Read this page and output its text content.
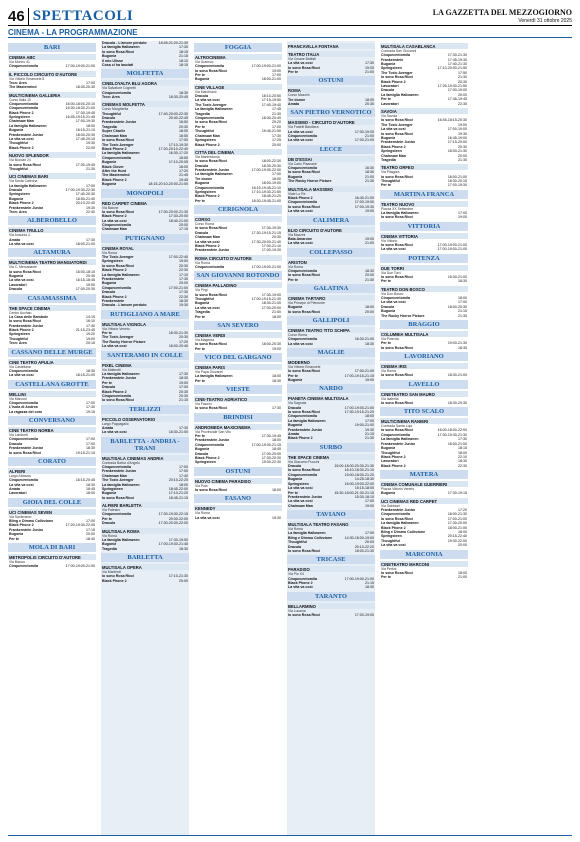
46 SPETTACOLI	LA GAZZETTA DEL MEZZOGIORNO
Venerdì 31 ottobre 2025
CINEMA - LA PROGRAMMAZIONE
BARI
CINEMA ABC
Via Monno 41
Cinquecentomila	17:00-19:00-21:00
IL PICCOLO CIRCUITO D'AUTORE
Via Vittorio Emanuele 8
Tron: Ares	17:00
The Mastermind	18:30-20:30
MULTICINEMA GALLERIA
Corso Italia 15
Cinquecentomila	16:00-18:00-20:10
Cinquecentomila	16:30-18:30-21:00
Black Phone 2	17:30-19:45
Springsteen	16:45-19:15-21:45
Chainsaw Man	17:00-19:30
La famiglia Halloween	18:00
Bugonia	16:15-21:10
Frankenstein Junior	18:00-20:30
La vita va così	17:45-20:15
Thoughtful	19:30
Black Phone 2	22:00
NUOVO SPLENDOR
Via Buccari 24
Io sono Rosa Ricci	17:30-19:45
Thoughtful	21:30
UCI CINEMAS BARI
Via Santa Caterina
La famiglia Halloween	17:00
Dracula	17:00-19:30-22:30
Springsteen	17:40-20:30
Bugonia	18:50-21:40
Black Phone 2	20:10-22:40
Frankenstein Junior	19:30
Tron: Ares	22:40
ALBEROBELLO
CINEMA TRULLO
Via Anaunia 4
Amata	17:30
La vita va così	18:00-21:00
ALTAMURA
MULTICINEMA TEATRO MANGIATORDI
Via C. Mercadante
Io sono Rosa Ricci	16:00-18:15
Bugonia	20:30
La vita va così	16:15-18:45
Lavoratori	19:00
Dracula	17:00-20:30
CASAMASSIMA
THE SPACE CINEMA
Centro Auchan
La Casa delle Bambole	14:15
Io sono Rosa Ricci	16:10
Frankenstein Junior	17:40
Black Phone 2	21:15-23:45
Springsteen	19:20
Thoughtful	19:00
Tron: Ares	20:15
CASSANO DELLE MURGE
CINE TEATRO APULIA
Via Castellana
Cinquecentomila	18:30
La vita va così	18:15-21:00
CASTELLANA GROTTE
MELLINI
Via Marconi
Cinquecentomila	17:00
L'isola di Andrea	17:30
La ragazza del coro	19:15
CONVERSANO
CINE TEATRO NORBA
Via Lamberti
Cinquecentomila	17:00
Dracula	17:00
Frankenstein Junior	18:30
Io sono Rosa Ricci	19:15-21:15
CORATO
ALFIERI
Largo Abbazia
Cinquecentomila	16:15-20:45
La vita va così	18:30
Amata	18:45
Lavoratori	18:00
GIOIA DEL COLLE
UCI CINEMAS SEVEN
Via Santeramo
Bling e Dimmu Collezione	17:00
Black Phone 2	17:20-19:30-22:05
Frankenstein Junior	17:15
Bugonia	20:00
Per te	18:40
MOLA DI BARI
METROPOLIS CIRCUITO D'AUTORE
Via Bianco
Cinquecentomila	17:00-19:00-21:00
Dracula - L'amore perduto	18:45-21:20-21:30
La famiglia Halloween	17:30
Io sono Rosa Ricci	18:15
Bugonia	21:15
Il mio Ulisse	18:10
Cosa ci ha lasciati	18:15
MOLFETTA
CINELOYALTA BLU AGORA
Via Salvatore Cognetti
Cinquecentomila	18:30
Tron: Ares	18:30-20:45
CINEMAS MOLFETTA
Corso Margherita
Thoughtful	17:40-20:00-22:30
Dracula	20:40-22:45
Frankenstein Junior	16:50
Tragedia	20:30
Super Charlie	18:00
Chainsaw Man	16:50
Io sono Rosa Ricci	17:00
The Toxic Avenger	17:10-19:30
Black Phone 2	17:20-20:10-22:40
La famiglia Halloween	16:30-17:20
Cinquecentomila	16:50
Bugonia	17:10-20:05
Black Clover	16:00
After the Hunt	17:20
The Mastermind	21:45
Black Phone 2	19:45
Bugonia	18:15-20:10-20:00-21:00
MONOPOLI
RED CARPET CINEMA
Via Baione
Io sono Rosa Ricci	17:30-20:00-21:30
Black Phone 2	17:30-20:00
La vita va così	18:40-21:00
Cinquecentomila	20:00
Chainsaw Man	17:15
PUTIGNANO
CINEMA ROYAL
Via Roma
The Toxic Avenger	17:00-22:40
Springsteen	19:00
Io sono Rosa Ricci	20:30
Black Phone 2	22:30
La famiglia Halloween	17:10
Frankenstein	17:30
Bugonia	20:00
Cinquecentomila	17:00-21:00
Dracula	17:30
Black Phone 2	22:30
Frankenstein	18:30
Dracula - L'amore perduto	19:30
RUTIGLIANO A MARE
MULTISALA VIGNOLA
Via Vittorio Veneto
Per te	18:30-21:30
The Toxic Avenger	20:30
The Rocky Horror Picture	17:20
La vita va così	18:00-20:40
SANTERAMO IN COLLE
PIXEL CINEMA
Via Matteotti
La famiglia Halloween	17:30
Frankenstein Junior	18:30
Per te	19:00
Dracula	17:00
Black Phone 2	20:30
Cinquecentomila	20:30
Io sono Rosa Ricci	21:15
TERLIZZI
PICCOLO OSSERVATORIO
Largo Pappagallo
Amata	17:30
La vita va così	18:30-21:00
BARLETTA - ANDRIA - TRANI
MULTISALA CINEMAS ANDRIA
Contrada Barba d'Angelo
Cinquecentomila	17:00
Frankenstein Junior	17:00
Chainsaw Man	17:40
The Toxic Avenger	20:10-22:25
La famiglia Halloween	18:00
Springsteen	18:45-22:00
Bugonia	17:10-21:20
Io sono Rosa Ricci	18:45-21:15
ALFIERI BARLETTA
Via Palestro
Cinquecentomila	17:30-19:30-22:15
Per te	20:00-22:00
Dracula	17:30-20:30-22:00
MULTISALA ROMA
Via Roma
La famiglia Halloween	17:30-19:00
Bugonia	17:00-19:30-21:45
Tragedia	18:30
BARLETTA
MULTISALA OPERA
Via Manfredi
Io sono Rosa Ricci	17:10-21:30
Black Phone 2	20:00
FOGGIA
ALTROCINEMA
Via Gramsci
Cinquecentomila	17:00-19:00-21:00
Io sono Rosa Ricci	19:00
Per te	17:00
Bugonia	18:00-21:00
CINE VILLAGE
Via Marchianò
Dracula	18:10-20:50
La vita va così	17:15-19:50
The Toxic Avenger	17:40-19:40
La famiglia Halloween	17:45
Tragedia	21:30
Cinquecentomila	18:30-20:40
Io sono Rosa Ricci	20:20
Per te	17:00
Thoughtful	19:45-21:50
Chainsaw Man	17:30
Springsteen	17:25
Black Phone 2	20:00
CITTA DEL CINEMA
Via Manfredonia
Io sono Rosa Ricci	18:00-22:30
Dracula	18:30-20:30
Frankenstein Junior	17:00-19:30-22:00
La famiglia Halloween	17:00
Tre donne	18:00
Bugonia	18:00-19:00
Cinquecentomila	18:15-19:45-21:10
Springsteen	17:10-19:30-21:50
Black Phone 2	18:45-21:20
Per te	18:30-19:45-21:00
CERIGNOLA
CORSO
Corso Roma
Io sono Rosa Ricci	17:30-19:30
Dracula	17:30-19:15-21:15
Chainsaw Man	20:30
La vita va così	17:30-20:00-21:40
Black Phone 2	17:00-21:10
Frankenstein Junior	17:00-19:30
ROMA CIRCUITO D'AUTORE
Via Roma
Cinquecentomila	17:00-19:00-21:00
SAN GIOVANNI ROTONDO
CINEMA PALLADINO
Via Pirgi
Io sono Rosa Ricci	17:30-19:00
Thoughtful	17:00-19:15-21:30
Bugonia	18:30-21:00
La vita va così	17:00-20:00
Tragedia	21:00
Per te	18:00
SAN SEVERO
CINEMA VERDI
Via Magenta
Io sono Rosa Ricci	18:00-20:30
Per te	19:00
VICO DEL GARGANO
CINEMA PARIS
Via Papa Giovanni
La famiglia Halloween	18:00
Per te	18:30
VIESTE
CINE-TEATRO ADRIATICO
Via Fazzini
Io sono Rosa Ricci	17:30
BRINDISI
ANDROMEDA MAXICINEMA
Via Provinciale San Vito
Per te	17:30-19:45
Frankenstein Junior	18:00
Cinquecentomila	17:00-19:30-21:15
Bugonia	18:40
Dracula	17:00-20:00
Black Phone 2	17:30-20:30
Springsteen	19:30-22:30
OSTUNI
NUOVO CINEMA PARADISO
Via Pola
Io sono Rosa Ricci	18:00
FASANO
KENNEDY
Via Roma
La vita va così	19:30
FRANCAVILLA FONTANA
TEATRO ITALIA
Via Cesare Battisti
La vita va così	17:30
Io sono Rosa Ricci	19:00
Per te	21:00
OSTUNI
ROMA
Corso Mazzini
Tre donne	18:00
Amata	20:30
SAN PIETRO VERNOTICO
MASSIMO - CIRCUITO D'AUTORE
Via Fratelli Bandiera
La vita va così	17:00-19:00
Cinquecentomila	21:00
La vita va così	17:00-21:00
LECCE
DB D'ESSAI
Via Carlo Pisacane
Cinquecentomila	16:30
Io sono Rosa Ricci	18:30
Bugonia	21:00
The Rocky Horror Picture	21:30
MULTISALA MASSIMO
Viale Lo Re
Black Phone 2	16:40-21:00
Cinquecentomila	17:00-19:00
Io sono Rosa Ricci	17:00-19:30
La vita va così	19:00
CALIMERA
ELIO CIRCUITO D'AUTORE
Via Mazzini
Bala Amarone	19:00
La vita va così	21:00
COLLEPASSO
ARISTON
Via Roma
Cinquecentomila	18:30
Io sono Rosa Ricci	20:00
Per te	21:30
GALATINA
CINEMA TARTARO
Via Principe di Piemonte
Bugonia	18:00
Io sono Rosa Ricci	20:00
GALLIPOLI
CINEMA TEATRO TITO SCHIPA
Corso Roma
Cinquecentomila	16:30-21:00
La vita va così	18:30
MAGLIE
MODERNO
Via Vittorio Emanuele
Io sono Rosa Ricci	17:00-21:00
Per te	17:00-19:15-21:15
Bugonia	19:00
NARDO
PIANETA CINEMA MULTISALA
Via Sagnola
Dracula	17:00-19:00-21:00
Io sono Rosa Ricci	17:30-19:15-21:20
Cinquecentomila	18:00
La famiglia Halloween	17:00
Bugonia	19:00-21:00
Frankenstein Junior	19:30
Amata	21:15
Black Phone 2	21:30
SURBO
THE SPACE CINEMA
Via Giacomo Puccini
Dracula	15:00-18:00-20:30-21:30
Io sono Rosa Ricci	16:10-18:30-21:10
Cinquecentomila	15:00-18:00-21:20
Bugonia	14:25-18:30
Springsteen	16:00-19:00-22:00
La vita va così	15:15-18:00
Per te	15:30-18:00-21:30-21:15
Frankenstein Junior	15:30-18:10
La vita va così	17:00
Chainsaw Man	19:00
TAVIANO
MULTISALA TEATRO FASANO
Via Roma
La famiglia Halloween	17:00
Bling e Dimmu Collezione	14:30-16:00-19:00
Thoughtful	20:00
Dracula	20:10-22:20
Io sono Rosa Ricci	18:00-21:30
TRICASE
PARADISO
Via Pio XII
Cinquecentomila	17:00-19:00-21:00
Black Phone 2	21:15
La vita va così	18:30
TARANTO
BELLARMINO
Via Lucania
Io sono Rosa Ricci	17:00-19:00
MULTISALA CASABLANCA
Contrada San Giovanni
Cinquecentomila	17:30-21:30
Frankenstein	17:45-19:30
Bugonia	17:40-21:30
Springsteen	17:10-20:00-21:50
The Toxic Avenger	17:50
Io sono Rosa Ricci	21:30
Black Phone 2	20:30
Lavoratori	17:25-19:30-21:50
Dracula	17:00-19:00
La famiglia Halloween	20:00
Per te	17:45-19:45
Lavoratori	22:30
SAVOIA
Via Savoia
Io sono Rosa Ricci	16:45-18:15-20:30
The Toxic Avenger	19:00
La vita va così	17:00-19:00
Io sono Rosa Ricci	19:30
Bugonia	16:45-19:00
Frankenstein Junior	17:15-20:00
Black Phone 2	20:30
Springsteen	18:00-21:30
Chainsaw Man	20:00
Tragedia	21:30
TEATRO ORFEO
Via Pitagora
Io sono Rosa Ricci	18:00-21:00
Thoughtful	18:30-20:15
Per te	17:00-19:30
MARTINA FRANCA
TEATRO NUOVO
Piazza XX Settembre
La famiglia Halloween	17:00
Io sono Rosa Ricci	19:00
VITTORIA
CINEMA VITTORIA
Via Vittorio
Io sono Rosa Ricci	17:00-19:00-21:00
La vita va così	17:00-19:00-21:00
POTENZA
DUE TORRI
Via Due Torri
Io sono Rosa Ricci	16:30-21:00
Per te	18:30
TEATRO DON BOSCO
Via Don Bosco
Cinquecentomila	18:00
La vita va così	17:00
Dracula	18:00-20:30
Bugonia	21:15
The Rocky Horror Picture	21:30
BRAGGIO
COLUMBIA MULTISALA
Via Pinerolo
Per te	19:00-21:30
Io sono Rosa Ricci	18:30
LAVORIANO
CINEMA IRIS
Via Roma
Io sono Rosa Ricci	18:30-21:00
LAVELLO
CINETEATRO SAN MAURO
Via Isabella
Io sono Rosa Ricci	18:30-20:30
TITO SCALO
MULTICINEMA RANIERI
Contrada Santa Loja
Io sono Rosa Ricci	16:00-18:00-22:00
Cinquecentomila	17:30-19:30-21:30
La famiglia Halloween	17:30
Frankenstein Junior	18:00-21:00
Bugonia	18:15
Thoughtful	18:00
Black Phone 2	22:10
Lavoratori	18:30
Black Phone 2	22:30
MATERA
CINEMA COMUNALE GUERRIERI
Piazza Vittorio Veneto
Bugonia	17:30-19:15
UCI CINEMAS RED CARPET
Via Sabbioni
Frankenstein Junior	17:20
Cinquecentomila	18:00-21:30
Io sono Rosa Ricci	17:00-21:00
La famiglia Halloween	17:30-20:00
Black Phone 2	18:00-21:00
Bling e Dimmu Collezione	18:00
Springsteen	20:15-22:40
Thoughtful	19:30-22:00
La vita va così	20:00
MARCONIA
CINETEATRO MARCONI
Via Pertini
Io sono Rosa Ricci	18:00
Per te	21:00
